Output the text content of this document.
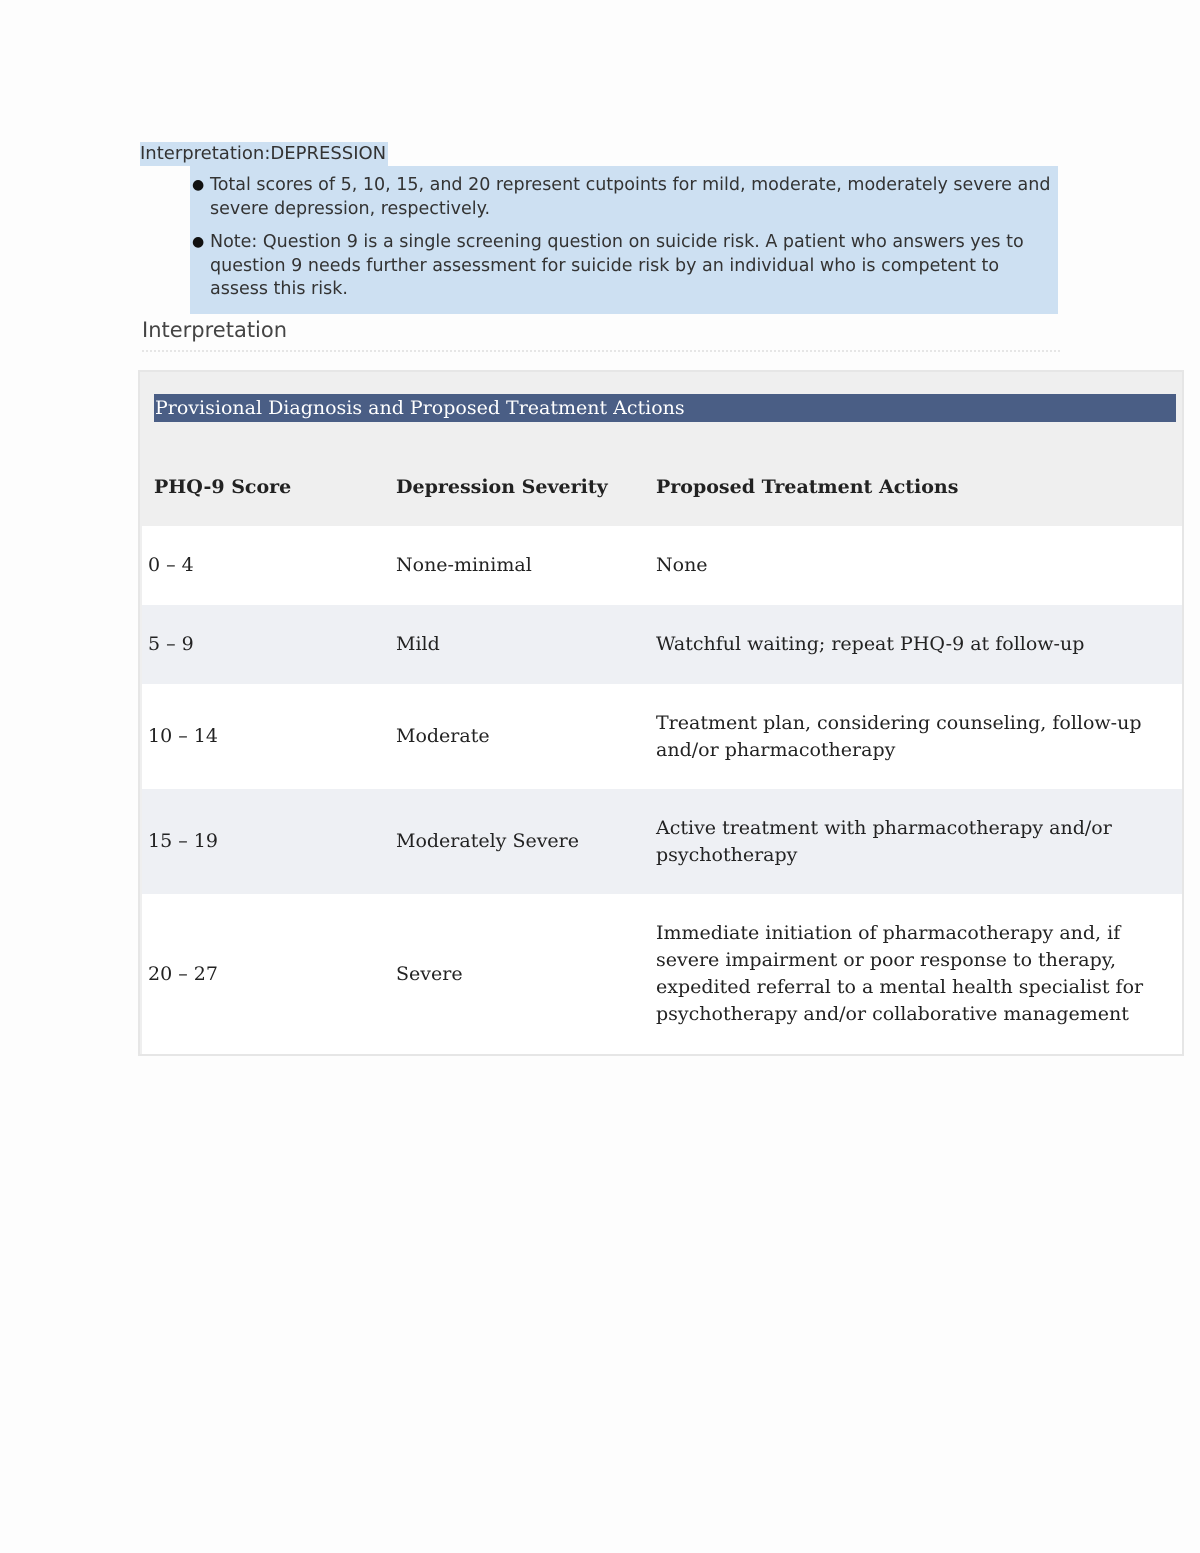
Interpretation:DEPRESSION
● Total scores of 5, 10, 15, and 20 represent cutpoints for mild, moderate, moderately severe and severe depression, respectively.
● Note: Question 9 is a single screening question on suicide risk. A patient who answers yes to question 9 needs further assessment for suicide risk by an individual who is competent to assess this risk.
Interpretation
Provisional Diagnosis and Proposed Treatment Actions
PHQ-9 Score	Depression Severity	Proposed Treatment Actions
0 – 4	None-minimal	None
5 – 9	Mild	Watchful waiting; repeat PHQ-9 at follow-up
10 – 14	Moderate	Treatment plan, considering counseling, follow-up and/or pharmacotherapy
15 – 19	Moderately Severe	Active treatment with pharmacotherapy and/or psychotherapy
20 – 27	Severe	Immediate initiation of pharmacotherapy and, if severe impairment or poor response to therapy, expedited referral to a mental health specialist for psychotherapy and/or collaborative management
